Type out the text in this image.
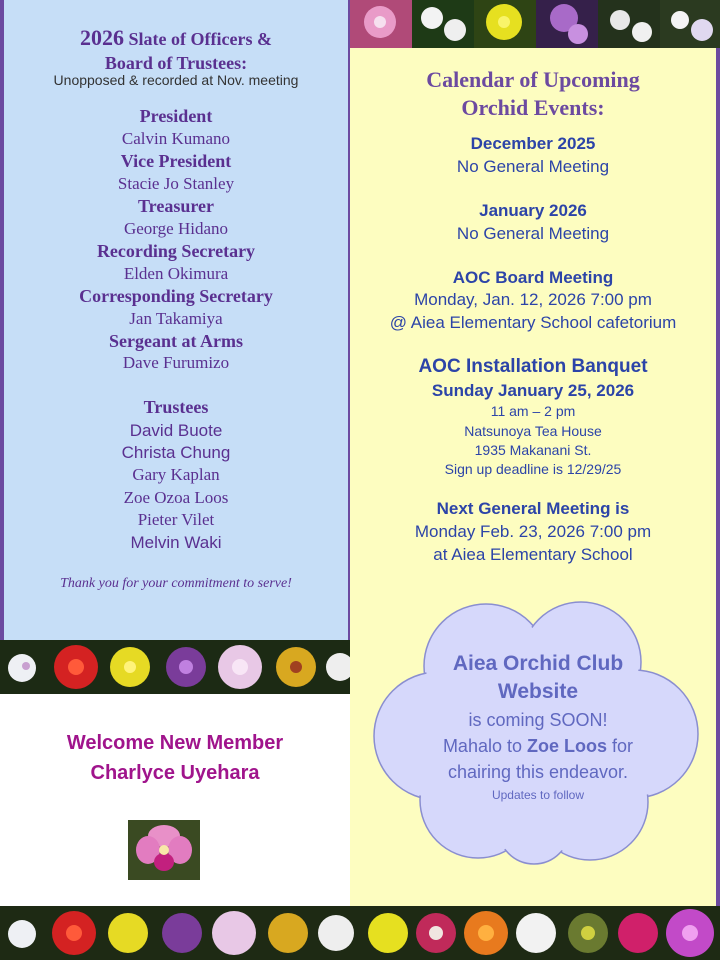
2026 Slate of Officers &
Board of Trustees:
Unopposed & recorded at Nov. meeting
President
Calvin Kumano
Vice President
Stacie Jo Stanley
Treasurer
George Hidano
Recording Secretary
Elden Okimura
Corresponding Secretary
Jan Takamiya
Sergeant at Arms
Dave Furumizo
Trustees
David Buote
Christa Chung
Gary Kaplan
Zoe Ozoa Loos
Pieter Vilet
Melvin Waki
Thank you for your commitment to serve!
Calendar of Upcoming
Orchid Events:
December 2025
No General Meeting
January 2026
No General Meeting
AOC Board Meeting
Monday, Jan. 12, 2026 7:00 pm
@ Aiea Elementary School cafetorium
AOC Installation Banquet
Sunday January 25, 2026
11 am – 2 pm
Natsunoya Tea House
1935 Makanani St.
Sign up deadline is 12/29/25
Next General Meeting is
Monday Feb. 23, 2026 7:00 pm
at Aiea Elementary School
Aiea Orchid Club
Website
is coming SOON!
Mahalo to Zoe Loos for
chairing this endeavor.
Updates to follow
Welcome New Member
Charlyce Uyehara
